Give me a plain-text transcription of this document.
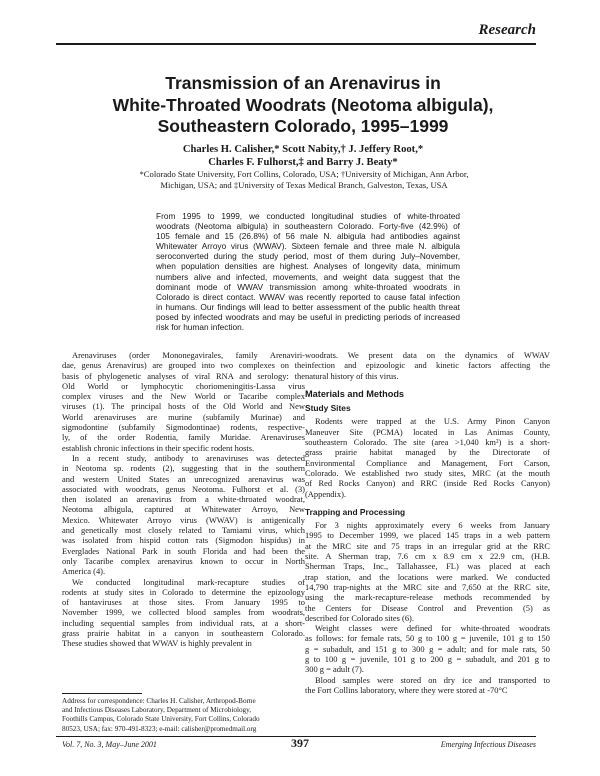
Research
Transmission of an Arenavirus in
White-Throated Woodrats (Neotoma albigula),
Southeastern Colorado, 1995–1999
Charles H. Calisher,* Scott Nabity,† J. Jeffery Root,*
Charles F. Fulhorst,‡ and Barry J. Beaty*
*Colorado State University, Fort Collins, Colorado, USA; †University of Michigan, Ann Arbor,
Michigan, USA; and ‡University of Texas Medical Branch, Galveston, Texas, USA
From 1995 to 1999, we conducted longitudinal studies of white-throated
woodrats (Neotoma albigula) in southeastern Colorado. Forty-five (42.9%) of
105 female and 15 (26.8%) of 56 male N. albigula had antibodies against
Whitewater Arroyo virus (WWAV). Sixteen female and three male N. albigula
seroconverted during the study period, most of them during July–November,
when population densities are highest. Analyses of longevity data, minimum
numbers alive and infected, movements, and weight data suggest that the
dominant mode of WWAV transmission among white-throated woodrats in
Colorado is direct contact. WWAV was recently reported to cause fatal infection
in humans. Our findings will lead to better assessment of the public health threat
posed by infected woodrats and may be useful in predicting periods of increased
risk for human infection.
Arenaviruses (order Mononegavirales, family Arenaviri-
dae, genus Arenavirus) are grouped into two complexes on the
basis of phylogenetic analyses of viral RNA and serology: the
Old World or lymphocytic choriomeningitis-Lassa virus
complex viruses and the New World or Tacaribe complex
viruses (1). The principal hosts of the Old World and New
World arenaviruses are murine (subfamily Murinae) and
sigmodontine (subfamily Sigmodontinae) rodents, respective-
ly, of the order Rodentia, family Muridae. Arenaviruses
establish chronic infections in their specific rodent hosts.
In a recent study, antibody to arenaviruses was detected
in Neotoma sp. rodents (2), suggesting that in the southern
and western United States an unrecognized arenavirus was
associated with woodrats, genus Neotoma. Fulhorst et al. (3)
then isolated an arenavirus from a white-throated woodrat,
Neotoma albigula, captured at Whitewater Arroyo, New
Mexico. Whitewater Arroyo virus (WWAV) is antigenically
and genetically most closely related to Tamiami virus, which
was isolated from hispid cotton rats (Sigmodon hispidus) in
Everglades National Park in south Florida and had been the
only Tacaribe complex arenavirus known to occur in North
America (4).
We conducted longitudinal mark-recapture studies of
rodents at study sites in Colorado to determine the epizoology
of hantaviruses at those sites. From January 1995 to
November 1999, we collected blood samples from woodrats,
including sequential samples from individual rats, at a short-
grass prairie habitat in a canyon in southeastern Colorado.
These studies showed that WWAV is highly prevalent in
woodrats. We present data on the dynamics of WWAV
infection and epizoologic and kinetic factors affecting the
natural history of this virus.
Materials and Methods
Study Sites
Rodents were trapped at the U.S. Army Pinon Canyon
Maneuver Site (PCMA) located in Las Animas County,
southeastern Colorado. The site (area >1,040 km²) is a short-
grass prairie habitat managed by the Directorate of
Environmental Compliance and Management, Fort Carson,
Colorado. We established two study sites, MRC (at the mouth
of Red Rocks Canyon) and RRC (inside Red Rocks Canyon)
(Appendix).
Trapping and Processing
For 3 nights approximately every 6 weeks from January
1995 to December 1999, we placed 145 traps in a web pattern
at the MRC site and 75 traps in an irregular grid at the RRC
site. A Sherman trap, 7.6 cm x 8.9 cm x 22.9 cm, (H.B.
Sherman Traps, Inc., Tallahassee, FL) was placed at each
trap station, and the locations were marked. We conducted
14,790 trap-nights at the MRC site and 7,650 at the RRC site,
using the mark-recapture-release methods recommended by
the Centers for Disease Control and Prevention (5) as
described for Colorado sites (6).
Weight classes were defined for white-throated woodrats
as follows: for female rats, 50 g to 100 g = juvenile, 101 g to 150
g = subadult, and 151 g to 300 g = adult; and for male rats, 50
g to 100 g = juvenile, 101 g to 200 g = subadult, and 201 g to
300 g = adult (7).
Blood samples were stored on dry ice and transported to
the Fort Collins laboratory, where they were stored at -70°C
Address for correspondence: Charles H. Calisher, Arthropod-Borne
and Infectious Diseases Laboratory, Department of Microbiology,
Foothills Campus, Colorado State University, Fort Collins, Colorado
80523, USA; fax: 970-491-8323; e-mail: calisher@promedmail.org
Vol. 7, No. 3, May–June 2001	397	Emerging Infectious Diseases
